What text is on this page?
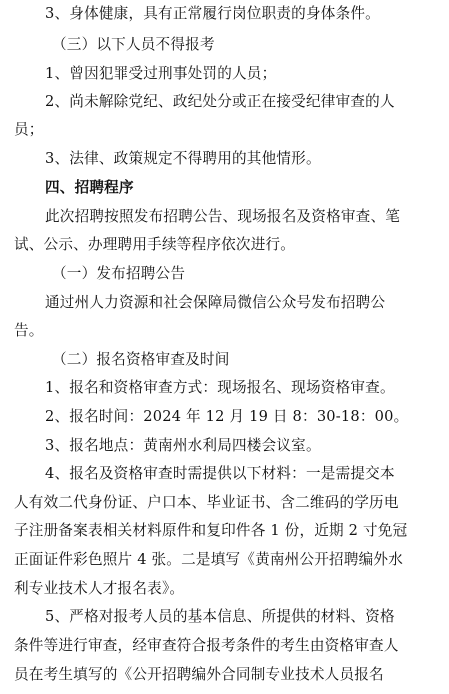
3、身体健康，具有正常履行岗位职责的身体条件。
（三）以下人员不得报考
1、曾因犯罪受过刑事处罚的人员；
2、尚未解除党纪、政纪处分或正在接受纪律审查的人
员；
3、法律、政策规定不得聘用的其他情形。
四、招聘程序
此次招聘按照发布招聘公告、现场报名及资格审查、笔
试、公示、办理聘用手续等程序依次进行。
（一）发布招聘公告
通过州人力资源和社会保障局微信公众号发布招聘公
告。
（二）报名资格审查及时间
1、报名和资格审查方式：现场报名、现场资格审查。
2、报名时间：2024 年 12 月 19 日 8：30-18：00。
3、报名地点：黄南州水利局四楼会议室。
4、报名及资格审查时需提供以下材料：一是需提交本
人有效二代身份证、户口本、毕业证书、含二维码的学历电
子注册备案表相关材料原件和复印件各 1 份，近期 2 寸免冠
正面证件彩色照片 4 张。二是填写《黄南州公开招聘编外水
利专业技术人才报名表》。
5、严格对报考人员的基本信息、所提供的材料、资格
条件等进行审查，经审查符合报考条件的考生由资格审查人
员在考生填写的《公开招聘编外合同制专业技术人员报名
